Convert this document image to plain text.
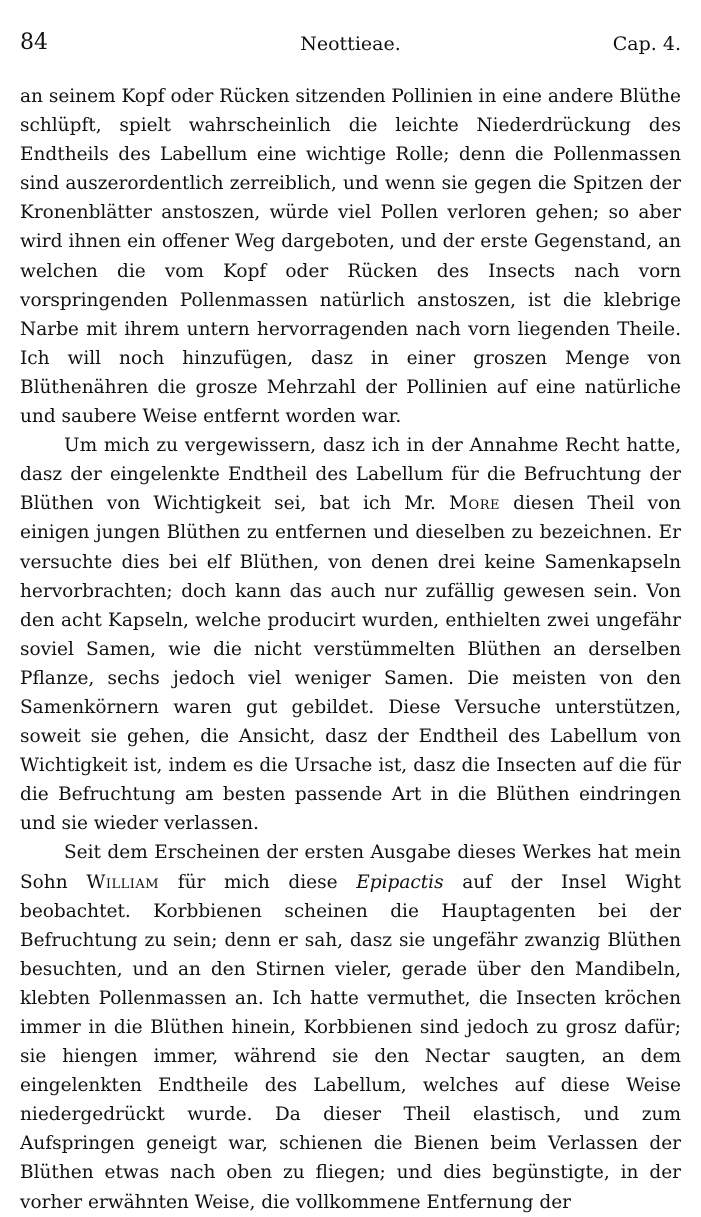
84	Neottieae.	Cap. 4.

an seinem Kopf oder Rücken sitzenden Pollinien in eine andere Blüthe schlüpft, spielt wahrscheinlich die leichte Niederdrückung des Endtheils des Labellum eine wichtige Rolle; denn die Pollenmassen sind auszerordentlich zerreiblich, und wenn sie gegen die Spitzen der Kronenblätter anstoszen, würde viel Pollen verloren gehen; so aber wird ihnen ein offener Weg dargeboten, und der erste Gegenstand, an welchen die vom Kopf oder Rücken des Insects nach vorn vorspringenden Pollenmassen natürlich anstoszen, ist die klebrige Narbe mit ihrem untern hervorragenden nach vorn liegenden Theile. Ich will noch hinzufügen, dasz in einer groszen Menge von Blüthenähren die grosze Mehrzahl der Pollinien auf eine natürliche und saubere Weise entfernt worden war.

Um mich zu vergewissern, dasz ich in der Annahme Recht hatte, dasz der eingelenkte Endtheil des Labellum für die Befruchtung der Blüthen von Wichtigkeit sei, bat ich Mr. More diesen Theil von einigen jungen Blüthen zu entfernen und dieselben zu bezeichnen. Er versuchte dies bei elf Blüthen, von denen drei keine Samenkapseln hervorbrachten; doch kann das auch nur zufällig gewesen sein. Von den acht Kapseln, welche producirt wurden, enthielten zwei ungefähr soviel Samen, wie die nicht verstümmelten Blüthen an derselben Pflanze, sechs jedoch viel weniger Samen. Die meisten von den Samenkörnern waren gut gebildet. Diese Versuche unterstützen, soweit sie gehen, die Ansicht, dasz der Endtheil des Labellum von Wichtigkeit ist, indem es die Ursache ist, dasz die Insecten auf die für die Befruchtung am besten passende Art in die Blüthen eindringen und sie wieder verlassen.

Seit dem Erscheinen der ersten Ausgabe dieses Werkes hat mein Sohn William für mich diese Epipactis auf der Insel Wight beobachtet. Korbbienen scheinen die Hauptagenten bei der Befruchtung zu sein; denn er sah, dasz sie ungefähr zwanzig Blüthen besuchten, und an den Stirnen vieler, gerade über den Mandibeln, klebten Pollenmassen an. Ich hatte vermuthet, die Insecten kröchen immer in die Blüthen hinein, Korbbienen sind jedoch zu grosz dafür; sie hiengen immer, während sie den Nectar saugten, an dem eingelenkten Endtheile des Labellum, welches auf diese Weise niedergedrückt wurde. Da dieser Theil elastisch, und zum Aufspringen geneigt war, schienen die Bienen beim Verlassen der Blüthen etwas nach oben zu fliegen; und dies begünstigte, in der vorher erwähnten Weise, die vollkommene Entfernung der
